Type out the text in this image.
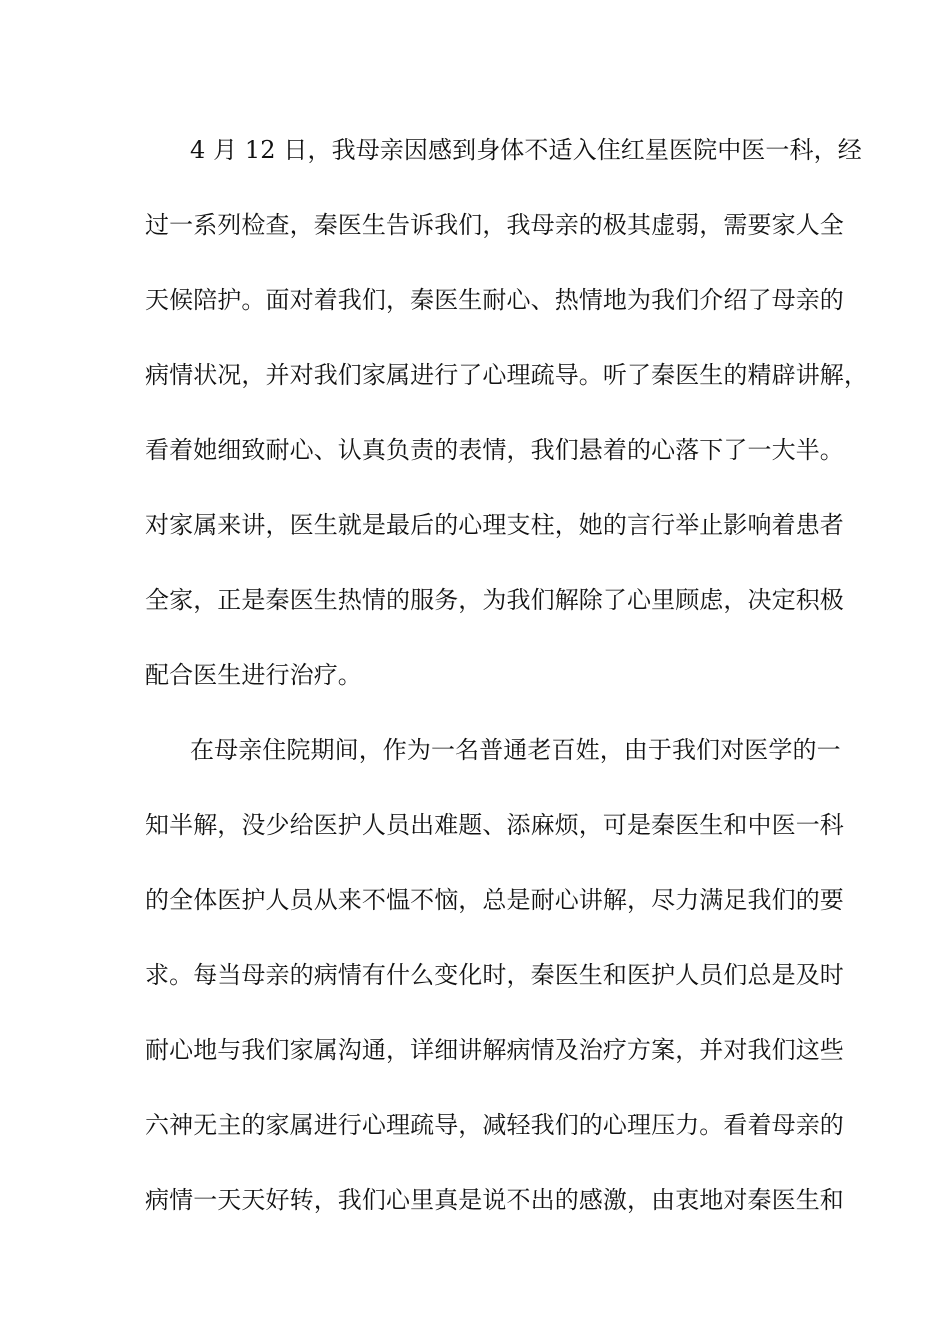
4 月 12 日，我母亲因感到身体不适入住红星医院中医一科，经
过一系列检查，秦医生告诉我们，我母亲的极其虚弱，需要家人全
天候陪护。面对着我们，秦医生耐心、热情地为我们介绍了母亲的
病情状况，并对我们家属进行了心理疏导。听了秦医生的精辟讲解，
看着她细致耐心、认真负责的表情，我们悬着的心落下了一大半。
对家属来讲，医生就是最后的心理支柱，她的言行举止影响着患者
全家，正是秦医生热情的服务，为我们解除了心里顾虑，决定积极
配合医生进行治疗。
在母亲住院期间，作为一名普通老百姓，由于我们对医学的一
知半解，没少给医护人员出难题、添麻烦，可是秦医生和中医一科
的全体医护人员从来不愠不恼，总是耐心讲解，尽力满足我们的要
求。每当母亲的病情有什么变化时，秦医生和医护人员们总是及时
耐心地与我们家属沟通，详细讲解病情及治疗方案，并对我们这些
六神无主的家属进行心理疏导，减轻我们的心理压力。看着母亲的
病情一天天好转，我们心里真是说不出的感激，由衷地对秦医生和
